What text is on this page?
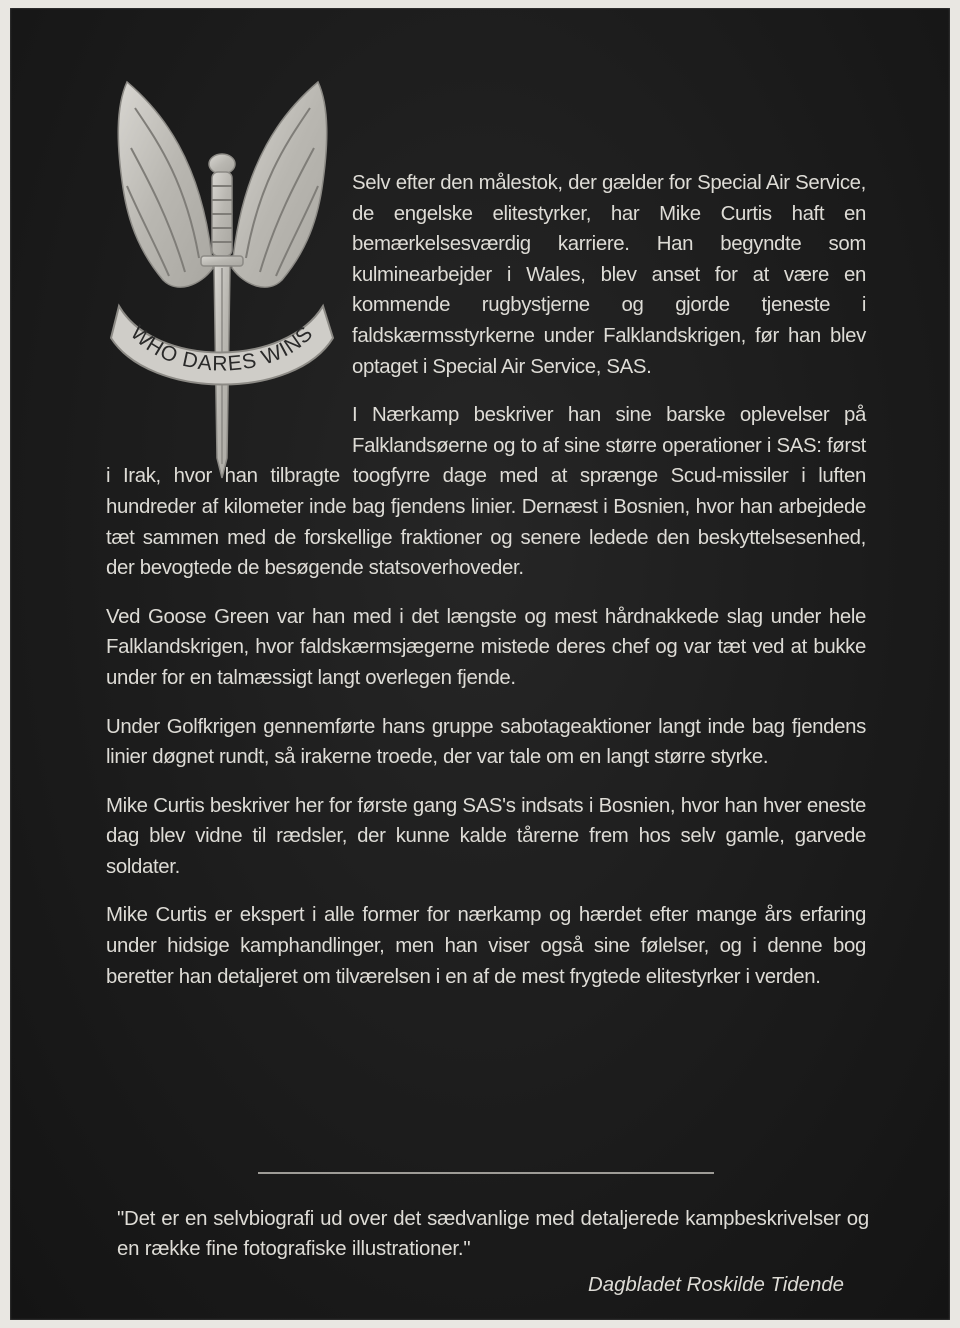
WHO DARES WINS

Selv efter den målestok, der gælder for Special Air Service, de engelske elitestyrker, har Mike Curtis haft en bemærkelsesværdig karriere. Han begyndte som kulminearbejder i Wales, blev anset for at være en kommende rugbystjerne og gjorde tjeneste i faldskærmsstyrkerne under Falklandskrigen, før han blev optaget i Special Air Service, SAS.

I Nærkamp beskriver han sine barske oplevelser på Falklandsøerne og to af sine større operationer i SAS: først i Irak, hvor han tilbragte toogfyrre dage med at sprænge Scud-missiler i luften hundreder af kilometer inde bag fjendens linier. Dernæst i Bosnien, hvor han arbejdede tæt sammen med de forskellige fraktioner og senere ledede den beskyttelsesenhed, der bevogtede de besøgende statsoverhoveder.

Ved Goose Green var han med i det længste og mest hårdnakkede slag under hele Falklandskrigen, hvor faldskærmsjægerne mistede deres chef og var tæt ved at bukke under for en talmæssigt langt overlegen fjende.

Under Golfkrigen gennemførte hans gruppe sabotageaktioner langt inde bag fjendens linier døgnet rundt, så irakerne troede, der var tale om en langt større styrke.

Mike Curtis beskriver her for første gang SAS's indsats i Bosnien, hvor han hver eneste dag blev vidne til rædsler, der kunne kalde tårerne frem hos selv gamle, garvede soldater.

Mike Curtis er ekspert i alle former for nærkamp og hærdet efter mange års erfaring under hidsige kamphandlinger, men han viser også sine følelser, og i denne bog beretter han detaljeret om tilværelsen i en af de mest frygtede elitestyrker i verden.

"Det er en selvbiografi ud over det sædvanlige med detaljerede kampbeskrivelser og en række fine fotografiske illustrationer."
Dagbladet Roskilde Tidende
